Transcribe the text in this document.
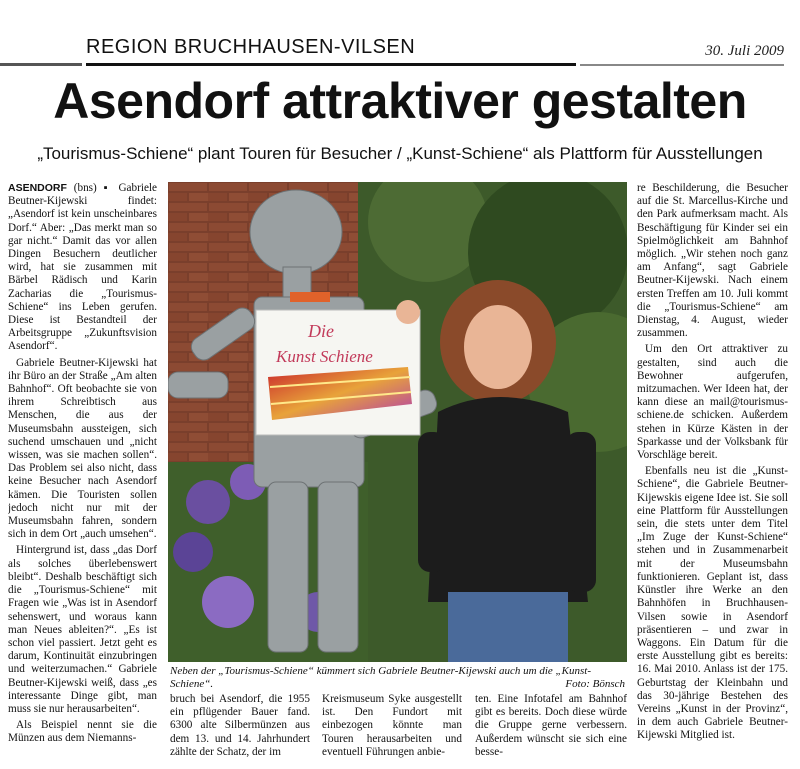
REGION BRUCHHAUSEN-VILSEN	30. Juli 2009
Asendorf attraktiver gestalten
„Tourismus-Schiene“ plant Touren für Besucher / „Kunst-Schiene“ als Plattform für Ausstellungen

ASENDORF (bns) ▪ Gabriele Beutner-Kijewski findet: „Asendorf ist kein unscheinbares Dorf.“ Aber: „Das merkt man so gar nicht.“ Damit das vor allen Dingen Besuchern deutlicher wird, hat sie zusammen mit Bärbel Rädisch und Karin Zacharias die „Tourismus-Schiene“ ins Leben gerufen. Diese ist Bestandteil der Arbeitsgruppe „Zukunftsvision Asendorf“.

Gabriele Beutner-Kijewski hat ihr Büro an der Straße „Am alten Bahnhof“. Oft beobachte sie von ihrem Schreibtisch aus Menschen, die aus der Museumsbahn aussteigen, sich suchend umschauen und „nicht wissen, was sie machen sollen“. Das Problem sei also nicht, dass keine Besucher nach Asendorf kämen. Die Touristen sollen jedoch nicht nur mit der Museumsbahn fahren, sondern sich in dem Ort „auch umsehen“.

Hintergrund ist, dass „das Dorf als solches überlebenswert bleibt“. Deshalb beschäftigt sich die „Tourismus-Schiene“ mit Fragen wie „Was ist in Asendorf sehenswert, und woraus kann man Neues ableiten?“. „Es ist schon viel passiert. Jetzt geht es darum, Kontinuität einzubringen und weiterzumachen.“ Gabriele Beutner-Kijewski weiß, dass „es interessante Dinge gibt, man muss sie nur herausarbeiten“.

Als Beispiel nennt sie die Münzen aus dem Niemanns-

Die
Kunst Schiene
Neben der „Tourismus-Schiene“ kümmert sich Gabriele Beutner-Kijewski auch um die „Kunst-Schiene“.	Foto: Bönsch

bruch bei Asendorf, die 1955 ein pflügender Bauer fand. 6300 alte Silbermünzen aus dem 13. und 14. Jahrhundert zählte der Schatz, der im

Kreismuseum Syke ausgestellt ist. Den Fundort mit einbezogen könnte man Touren herausarbeiten und eventuell Führungen anbie-

ten. Eine Infotafel am Bahnhof gibt es bereits. Doch diese würde die Gruppe gerne verbessern. Außerdem wünscht sie sich eine besse-

re Beschilderung, die Besucher auf die St. Marcellus-Kirche und den Park aufmerksam macht. Als Beschäftigung für Kinder sei ein Spielmöglichkeit am Bahnhof möglich. „Wir stehen noch ganz am Anfang“, sagt Gabriele Beutner-Kijewski. Nach einem ersten Treffen am 10. Juli kommt die „Tourismus-Schiene“ am Dienstag, 4. August, wieder zusammen.

Um den Ort attraktiver zu gestalten, sind auch die Bewohner aufgerufen, mitzumachen. Wer Ideen hat, der kann diese an mail@tourismus-schiene.de schicken. Außerdem stehen in Kürze Kästen in der Sparkasse und der Volksbank für Vorschläge bereit.

Ebenfalls neu ist die „Kunst-Schiene“, die Gabriele Beutner-Kijewskis eigene Idee ist. Sie soll eine Plattform für Ausstellungen sein, die stets unter dem Titel „Im Zuge der Kunst-Schiene“ stehen und in Zusammenarbeit mit der Museumsbahn funktionieren. Geplant ist, dass Künstler ihre Werke an den Bahnhöfen in Bruchhausen-Vilsen sowie in Asendorf präsentieren – und zwar in Waggons. Ein Datum für die erste Ausstellung gibt es bereits: 16. Mai 2010. Anlass ist der 175. Geburtstag der Kleinbahn und das 30-jährige Bestehen des Vereins „Kunst in der Provinz“, in dem auch Gabriele Beutner-Kijewski Mitglied ist.
